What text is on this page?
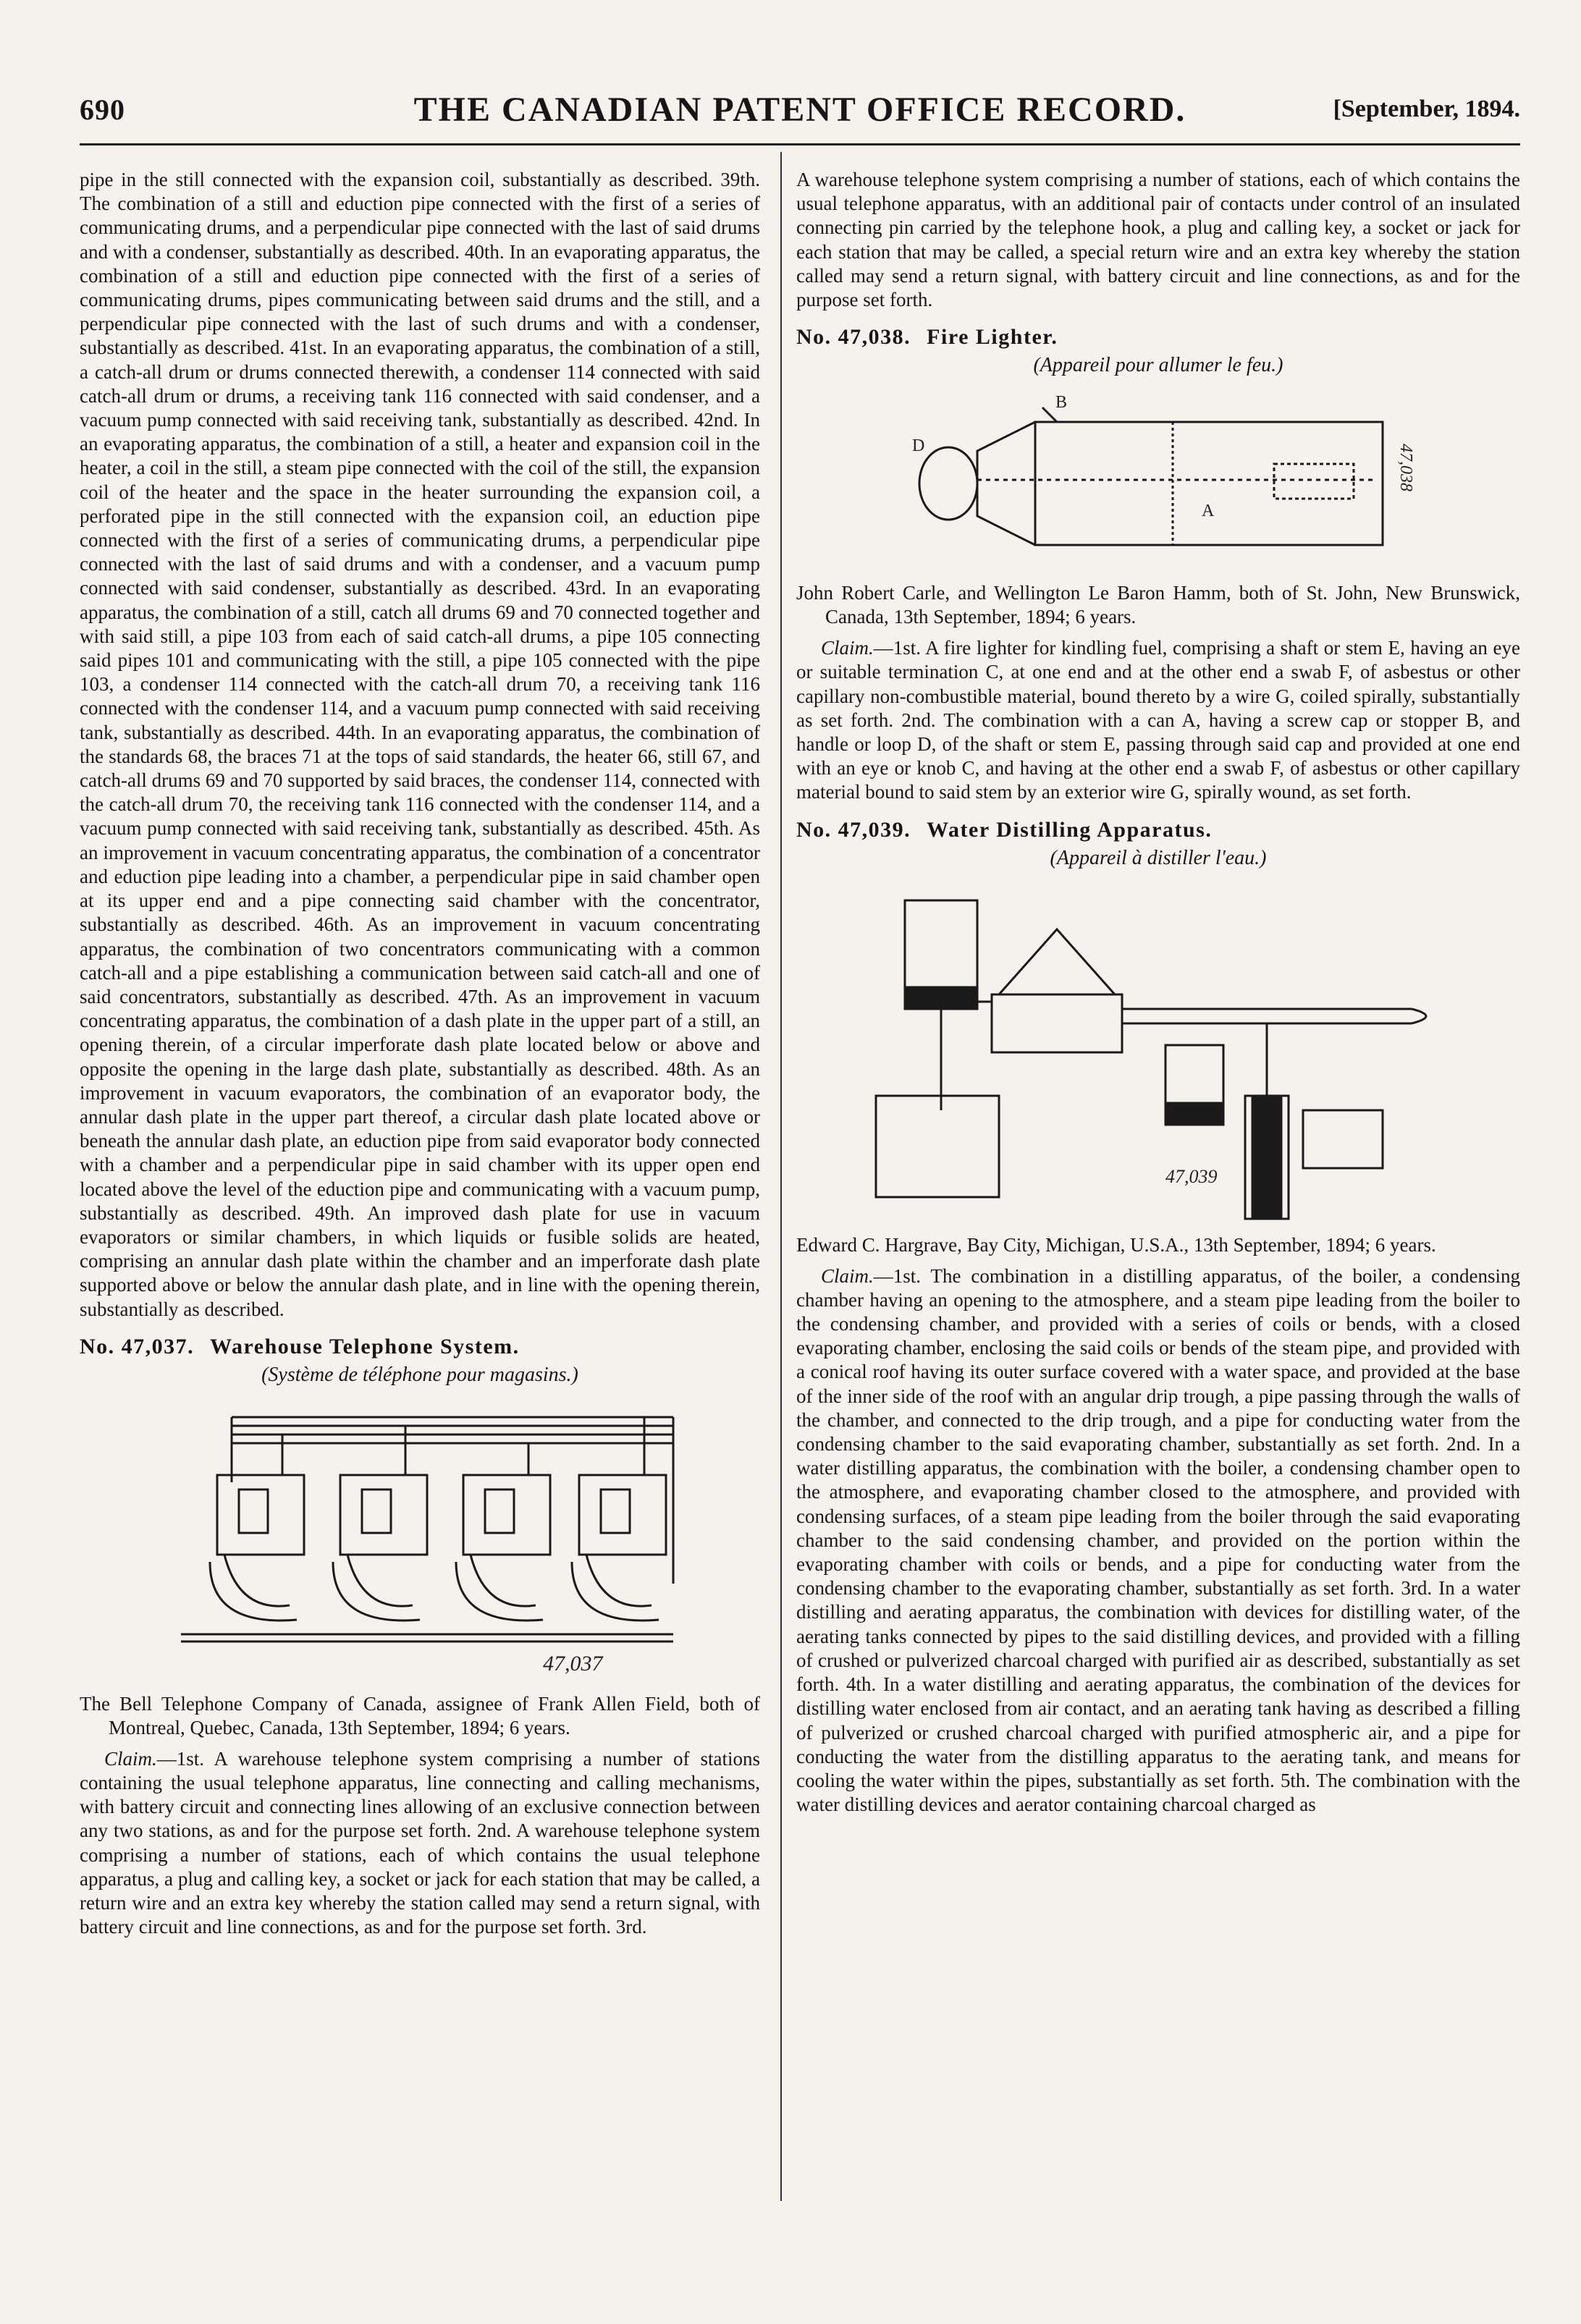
690	THE CANADIAN PATENT OFFICE RECORD.	[September, 1894.

pipe in the still connected with the expansion coil, substantially as described. 39th. The combination of a still and eduction pipe connected with the first of a series of communicating drums, and a perpendicular pipe connected with the last of said drums and with a condenser, substantially as described. 40th. In an evaporating apparatus, the combination of a still and eduction pipe connected with the first of a series of communicating drums, pipes communicating between said drums and the still, and a perpendicular pipe connected with the last of such drums and with a condenser, substantially as described. 41st. In an evaporating apparatus, the combination of a still, a catch-all drum or drums connected therewith, a condenser 114 connected with said catch-all drum or drums, a receiving tank 116 connected with said condenser, and a vacuum pump connected with said receiving tank, substantially as described. 42nd. In an evaporating apparatus, the combination of a still, a heater and expansion coil in the heater, a coil in the still, a steam pipe connected with the coil of the still, the expansion coil of the heater and the space in the heater surrounding the expansion coil, a perforated pipe in the still connected with the expansion coil, an eduction pipe connected with the first of a series of communicating drums, a perpendicular pipe connected with the last of said drums and with a condenser, and a vacuum pump connected with said condenser, substantially as described. 43rd. In an evaporating apparatus, the combination of a still, catch all drums 69 and 70 connected together and with said still, a pipe 103 from each of said catch-all drums, a pipe 105 connecting said pipes 101 and communicating with the still, a pipe 105 connected with the pipe 103, a condenser 114 connected with the catch-all drum 70, a receiving tank 116 connected with the condenser 114, and a vacuum pump connected with said receiving tank, substantially as described. 44th. In an evaporating apparatus, the combination of the standards 68, the braces 71 at the tops of said standards, the heater 66, still 67, and catch-all drums 69 and 70 supported by said braces, the condenser 114, connected with the catch-all drum 70, the receiving tank 116 connected with the condenser 114, and a vacuum pump connected with said receiving tank, substantially as described. 45th. As an improvement in vacuum concentrating apparatus, the combination of a concentrator and eduction pipe leading into a chamber, a perpendicular pipe in said chamber open at its upper end and a pipe connecting said chamber with the concentrator, substantially as described. 46th. As an improvement in vacuum concentrating apparatus, the combination of two concentrators communicating with a common catch-all and a pipe establishing a communication between said catch-all and one of said concentrators, substantially as described. 47th. As an improvement in vacuum concentrating apparatus, the combination of a dash plate in the upper part of a still, an opening therein, of a circular imperforate dash plate located below or above and opposite the opening in the large dash plate, substantially as described. 48th. As an improvement in vacuum evaporators, the combination of an evaporator body, the annular dash plate in the upper part thereof, a circular dash plate located above or beneath the annular dash plate, an eduction pipe from said evaporator body connected with a chamber and a perpendicular pipe in said chamber with its upper open end located above the level of the eduction pipe and communicating with a vacuum pump, substantially as described. 49th. An improved dash plate for use in vacuum evaporators or similar chambers, in which liquids or fusible solids are heated, comprising an annular dash plate within the chamber and an imperforate dash plate supported above or below the annular dash plate, and in line with the opening therein, substantially as described.

No. 47,037. Warehouse Telephone System.
(Système de téléphone pour magasins.)
47,037

The Bell Telephone Company of Canada, assignee of Frank Allen Field, both of Montreal, Quebec, Canada, 13th September, 1894; 6 years.

Claim.—1st. A warehouse telephone system comprising a number of stations containing the usual telephone apparatus, line connecting and calling mechanisms, with battery circuit and connecting lines allowing of an exclusive connection between any two stations, as and for the purpose set forth. 2nd. A warehouse telephone system comprising a number of stations, each of which contains the usual telephone apparatus, a plug and calling key, a socket or jack for each station that may be called, a return wire and an extra key whereby the station called may send a return signal, with battery circuit and line connections, as and for the purpose set forth. 3rd.

A warehouse telephone system comprising a number of stations, each of which contains the usual telephone apparatus, with an additional pair of contacts under control of an insulated connecting pin carried by the telephone hook, a plug and calling key, a socket or jack for each station that may be called, a special return wire and an extra key whereby the station called may send a return signal, with battery circuit and line connections, as and for the purpose set forth.

No. 47,038. Fire Lighter.
(Appareil pour allumer le feu.)
D
B
A
47,038

John Robert Carle, and Wellington Le Baron Hamm, both of St. John, New Brunswick, Canada, 13th September, 1894; 6 years.

Claim.—1st. A fire lighter for kindling fuel, comprising a shaft or stem E, having an eye or suitable termination C, at one end and at the other end a swab F, of asbestus or other capillary non-combustible material, bound thereto by a wire G, coiled spirally, substantially as set forth. 2nd. The combination with a can A, having a screw cap or stopper B, and handle or loop D, of the shaft or stem E, passing through said cap and provided at one end with an eye or knob C, and having at the other end a swab F, of asbestus or other capillary material bound to said stem by an exterior wire G, spirally wound, as set forth.

No. 47,039. Water Distilling Apparatus.
(Appareil à distiller l'eau.)
47,039

Edward C. Hargrave, Bay City, Michigan, U.S.A., 13th September, 1894; 6 years.

Claim.—1st. The combination in a distilling apparatus, of the boiler, a condensing chamber having an opening to the atmosphere, and a steam pipe leading from the boiler to the condensing chamber, and provided with a series of coils or bends, with a closed evaporating chamber, enclosing the said coils or bends of the steam pipe, and provided with a conical roof having its outer surface covered with a water space, and provided at the base of the inner side of the roof with an angular drip trough, a pipe passing through the walls of the chamber, and connected to the drip trough, and a pipe for conducting water from the condensing chamber to the said evaporating chamber, substantially as set forth. 2nd. In a water distilling apparatus, the combination with the boiler, a condensing chamber open to the atmosphere, and evaporating chamber closed to the atmosphere, and provided with condensing surfaces, of a steam pipe leading from the boiler through the said evaporating chamber to the said condensing chamber, and provided on the portion within the evaporating chamber with coils or bends, and a pipe for conducting water from the condensing chamber to the evaporating chamber, substantially as set forth. 3rd. In a water distilling and aerating apparatus, the combination with devices for distilling water, of the aerating tanks connected by pipes to the said distilling devices, and provided with a filling of crushed or pulverized charcoal charged with purified air as described, substantially as set forth. 4th. In a water distilling and aerating apparatus, the combination of the devices for distilling water enclosed from air contact, and an aerating tank having as described a filling of pulverized or crushed charcoal charged with purified atmospheric air, and a pipe for conducting the water from the distilling apparatus to the aerating tank, and means for cooling the water within the pipes, substantially as set forth. 5th. The combination with the water distilling devices and aerator containing charcoal charged as
